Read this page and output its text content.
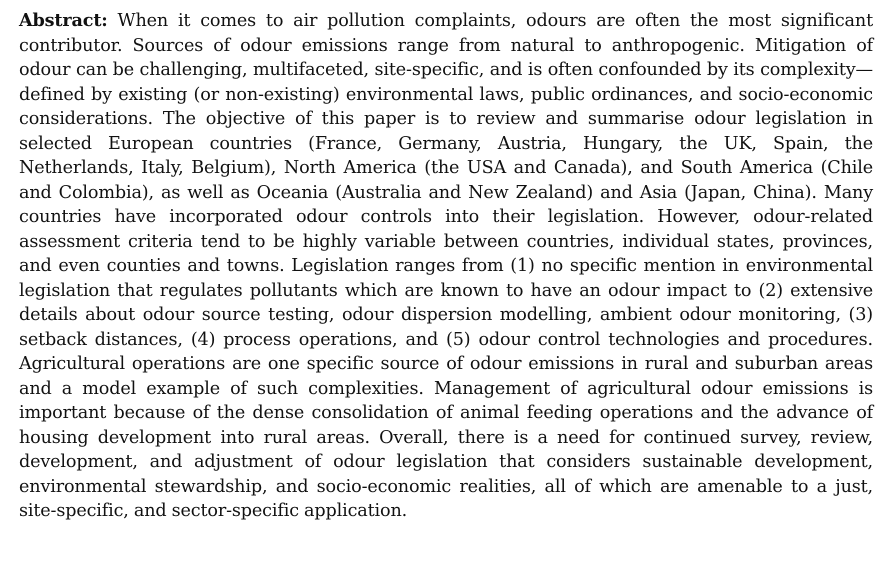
Abstract: When it comes to air pollution complaints, odours are often the most significant contributor. Sources of odour emissions range from natural to anthropogenic. Mitigation of odour can be challenging, multifaceted, site-specific, and is often confounded by its complexity—defined by existing (or non-existing) environmental laws, public ordinances, and socio-economic considerations. The objective of this paper is to review and summarise odour legislation in selected European countries (France, Germany, Austria, Hungary, the UK, Spain, the Netherlands, Italy, Belgium), North America (the USA and Canada), and South America (Chile and Colombia), as well as Oceania (Australia and New Zealand) and Asia (Japan, China). Many countries have incorporated odour controls into their legislation. However, odour-related assessment criteria tend to be highly variable between countries, individual states, provinces, and even counties and towns. Legislation ranges from (1) no specific mention in environmental legislation that regulates pollutants which are known to have an odour impact to (2) extensive details about odour source testing, odour dispersion modelling, ambient odour monitoring, (3) setback distances, (4) process operations, and (5) odour control technologies and procedures. Agricultural operations are one specific source of odour emissions in rural and suburban areas and a model example of such complexities. Management of agricultural odour emissions is important because of the dense consolidation of animal feeding operations and the advance of housing development into rural areas. Overall, there is a need for continued survey, review, development, and adjustment of odour legislation that considers sustainable development, environmental stewardship, and socio-economic realities, all of which are amenable to a just, site-specific, and sector-specific application.
